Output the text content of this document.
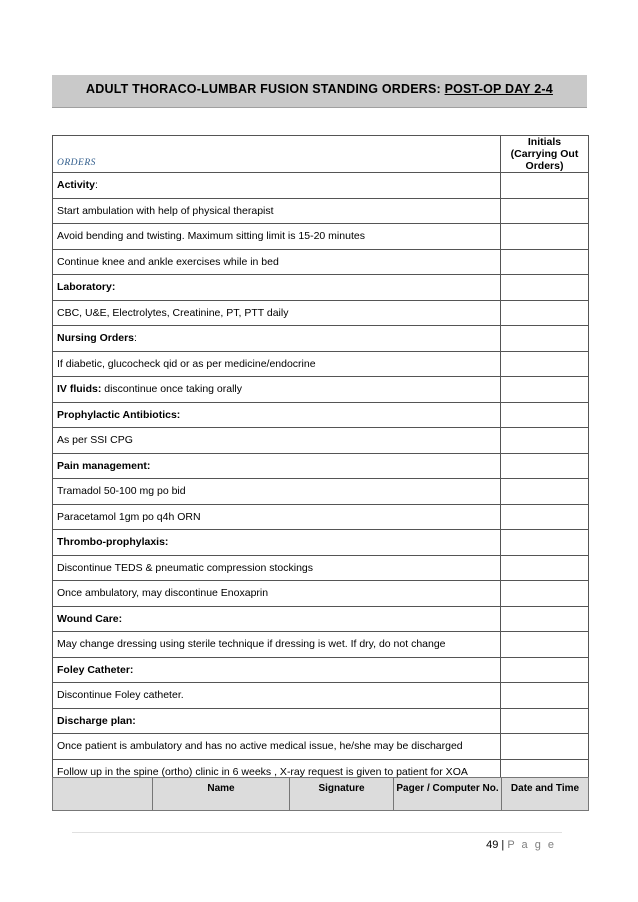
ADULT THORACO-LUMBAR FUSION STANDING ORDERS: POST-OP DAY 2-4
ORDERS	Initials (Carrying Out Orders)
Activity:	
Start ambulation with help of physical therapist	
Avoid bending and twisting. Maximum sitting limit is 15-20 minutes	
Continue knee and ankle exercises while in bed	
Laboratory:	
CBC, U&E, Electrolytes, Creatinine, PT, PTT daily	
Nursing Orders:	
If diabetic, glucocheck qid or as per medicine/endocrine	
IV fluids: discontinue once taking orally	
Prophylactic Antibiotics:	
As per SSI CPG	
Pain management:	
Tramadol 50-100 mg po bid	
Paracetamol 1gm po q4h ORN	
Thrombo-prophylaxis:	
Discontinue TEDS & pneumatic compression stockings	
Once ambulatory, may discontinue Enoxaprin	
Wound Care:	
May change dressing using sterile technique if dressing is wet. If dry, do not change	
Foley Catheter:	
Discontinue Foley catheter.	
Discharge plan:	
Once patient is ambulatory and has no active medical issue, he/she may be discharged	
Follow up in the spine (ortho) clinic in 6 weeks , X-ray request is given to patient for XOA	
	Name	Signature	Pager / Computer No.	Date and Time
49 | P a g e
